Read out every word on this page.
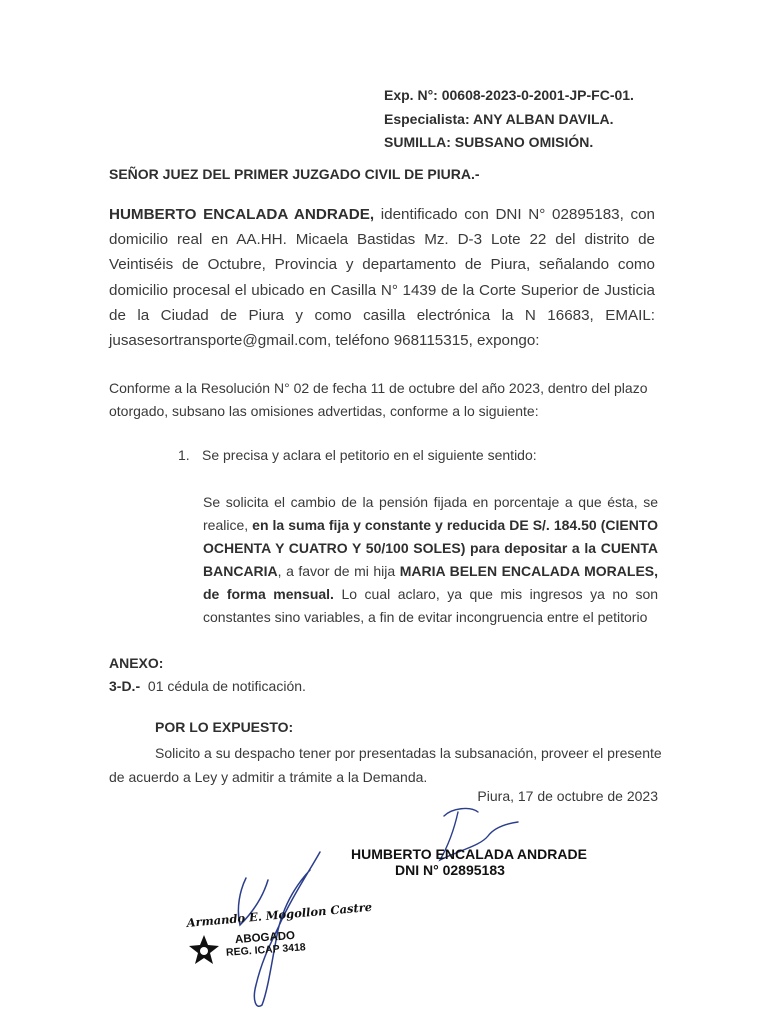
Exp. N°: 00608-2023-0-2001-JP-FC-01.
Especialista: ANY ALBAN DAVILA.
SUMILLA: SUBSANO OMISIÓN.
SEÑOR JUEZ DEL PRIMER JUZGADO CIVIL DE PIURA.-
HUMBERTO ENCALADA ANDRADE, identificado con DNI N° 02895183, con domicilio real en AA.HH. Micaela Bastidas Mz. D-3 Lote 22 del distrito de Veintiséis de Octubre, Provincia y departamento de Piura, señalando como domicilio procesal el ubicado en Casilla N° 1439 de la Corte Superior de Justicia de la Ciudad de Piura y como casilla electrónica la N 16683, EMAIL: jusasesortransporte@gmail.com, teléfono 968115315, expongo:
Conforme a la Resolución N° 02 de fecha 11 de octubre del año 2023, dentro del plazo otorgado, subsano las omisiones advertidas, conforme a lo siguiente:
1. Se precisa y aclara el petitorio en el siguiente sentido:
Se solicita el cambio de la pensión fijada en porcentaje a que ésta, se realice, en la suma fija y constante y reducida DE S/. 184.50 (CIENTO OCHENTA Y CUATRO Y 50/100 SOLES) para depositar a la CUENTA BANCARIA, a favor de mi hija MARIA BELEN ENCALADA MORALES, de forma mensual. Lo cual aclaro, ya que mis ingresos ya no son constantes sino variables, a fin de evitar incongruencia entre el petitorio
ANEXO:
3-D.- 01 cédula de notificación.
POR LO EXPUESTO:
Solicito a su despacho tener por presentadas la subsanación, proveer el presente de acuerdo a Ley y admitir a trámite a la Demanda.
Piura, 17 de octubre de 2023
HUMBERTO ENCALADA ANDRADE
DNI N° 02895183
Armando E. Mogollon Castre
ABOGADO
REG. ICAP 3418
